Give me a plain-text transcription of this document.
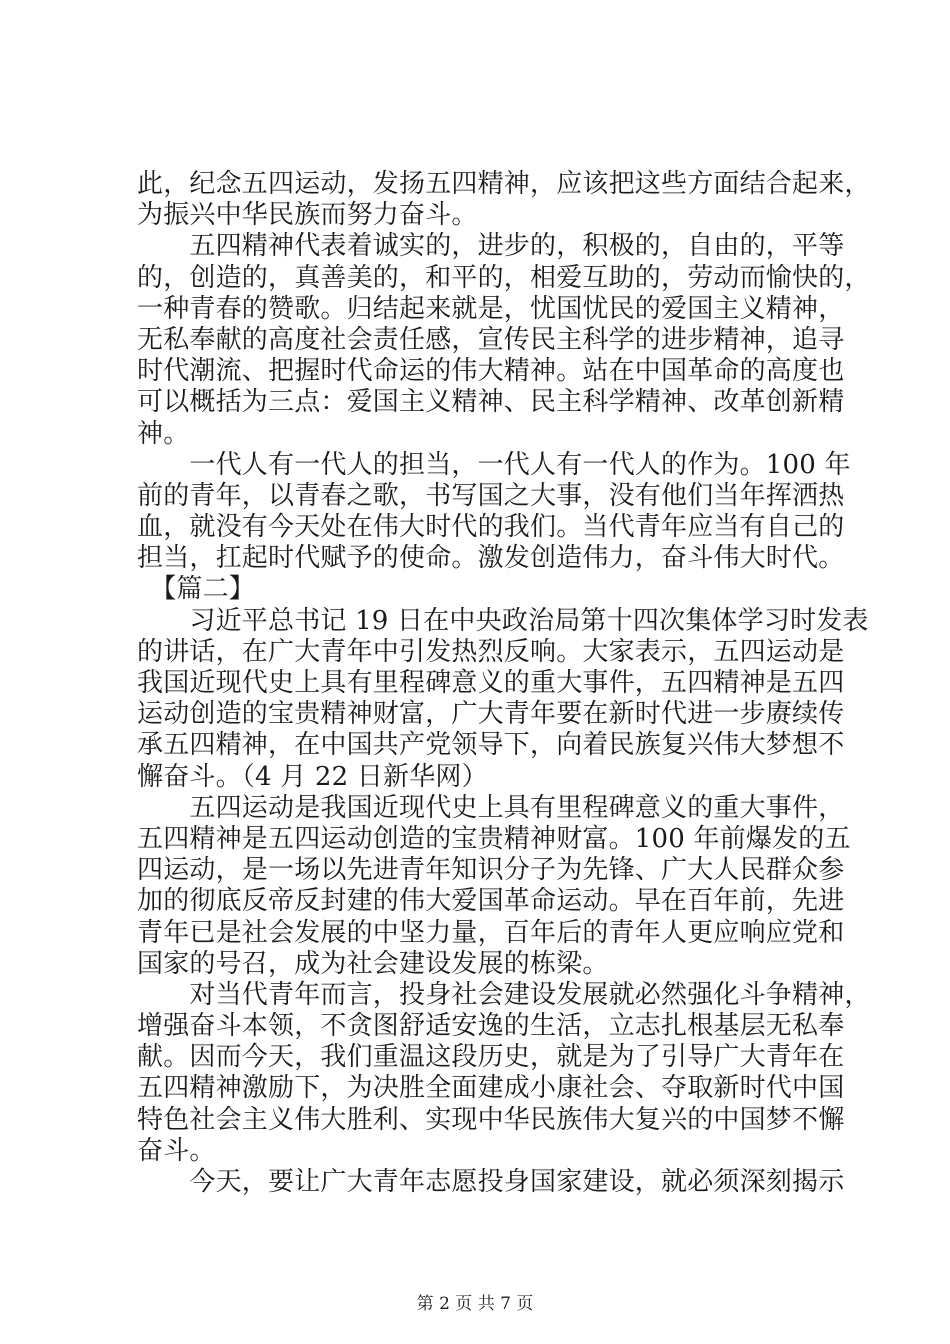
此，纪念五四运动，发扬五四精神，应该把这些方面结合起来，
为振兴中华民族而努力奋斗。
　　五四精神代表着诚实的，进步的，积极的，自由的，平等
的，创造的，真善美的，和平的，相爱互助的，劳动而愉快的，
一种青春的赞歌。归结起来就是，忧国忧民的爱国主义精神，
无私奉献的高度社会责任感，宣传民主科学的进步精神，追寻
时代潮流、把握时代命运的伟大精神。站在中国革命的高度也
可以概括为三点：爱国主义精神、民主科学精神、改革创新精
神。
　　一代人有一代人的担当，一代人有一代人的作为。100 年
前的青年，以青春之歌，书写国之大事，没有他们当年挥洒热
血，就没有今天处在伟大时代的我们。当代青年应当有自己的
担当，扛起时代赋予的使命。激发创造伟力，奋斗伟大时代。
　【篇二】
　　习近平总书记 19 日在中央政治局第十四次集体学习时发表
的讲话，在广大青年中引发热烈反响。大家表示，五四运动是
我国近现代史上具有里程碑意义的重大事件，五四精神是五四
运动创造的宝贵精神财富，广大青年要在新时代进一步赓续传
承五四精神，在中国共产党领导下，向着民族复兴伟大梦想不
懈奋斗。（4 月 22 日新华网）
　　五四运动是我国近现代史上具有里程碑意义的重大事件，
五四精神是五四运动创造的宝贵精神财富。100 年前爆发的五
四运动，是一场以先进青年知识分子为先锋、广大人民群众参
加的彻底反帝反封建的伟大爱国革命运动。早在百年前，先进
青年已是社会发展的中坚力量，百年后的青年人更应响应党和
国家的号召，成为社会建设发展的栋梁。
　　对当代青年而言，投身社会建设发展就必然强化斗争精神，
增强奋斗本领，不贪图舒适安逸的生活，立志扎根基层无私奉
献。因而今天，我们重温这段历史，就是为了引导广大青年在
五四精神激励下，为决胜全面建成小康社会、夺取新时代中国
特色社会主义伟大胜利、实现中华民族伟大复兴的中国梦不懈
奋斗。
　　今天，要让广大青年志愿投身国家建设，就必须深刻揭示
第 2 页 共 7 页
